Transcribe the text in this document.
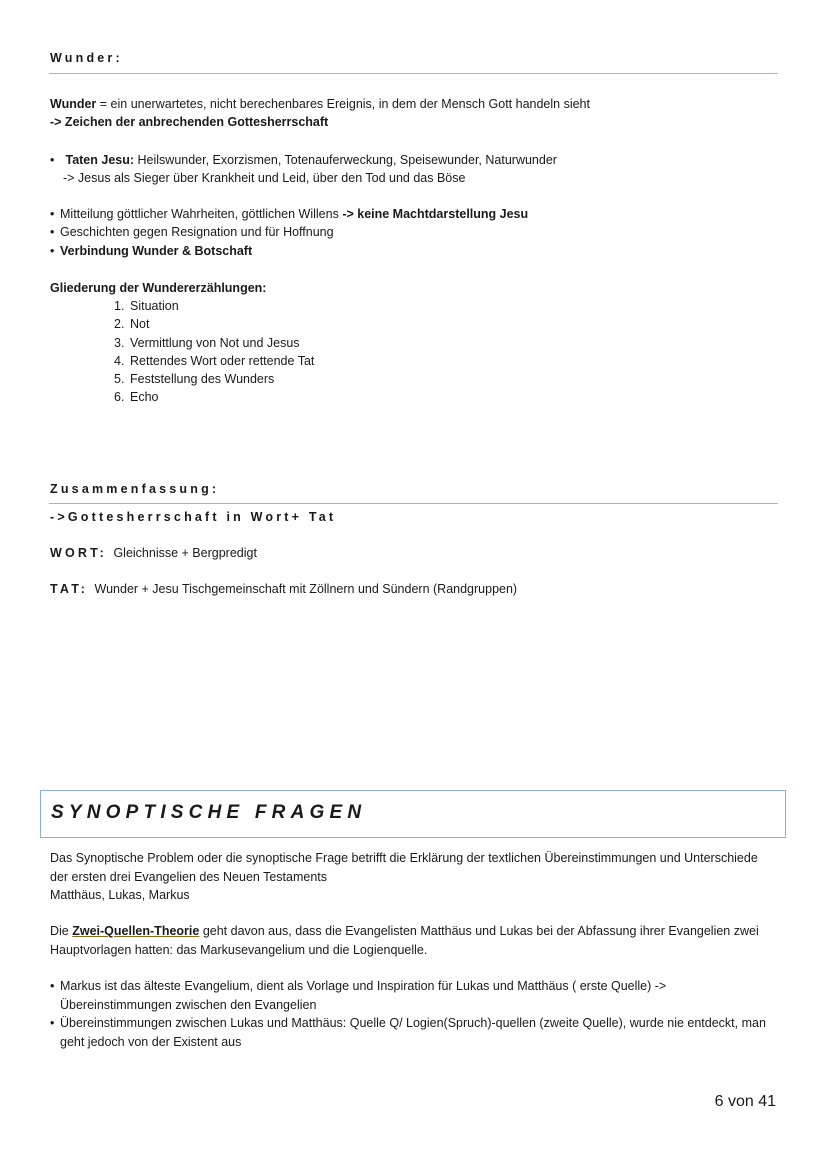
Wunder:
Wunder = ein unerwartetes, nicht berechenbares Ereignis, in dem der Mensch Gott handeln sieht
-> Zeichen der anbrechenden Gottesherrschaft
• Taten Jesu: Heilswunder, Exorzismen, Totenauferweckung, Speisewunder, Naturwunder
-> Jesus als Sieger über Krankheit und Leid, über den Tod und das Böse
• Mitteilung göttlicher Wahrheiten, göttlichen Willens -> keine Machtdarstellung Jesu
• Geschichten gegen Resignation und für Hoffnung
• Verbindung Wunder & Botschaft
Gliederung der Wundererzählungen:
1. Situation
2. Not
3. Vermittlung von Not und Jesus
4. Rettendes Wort oder rettende Tat
5. Feststellung des Wunders
6. Echo
Zusammenfassung:
->Gottesherrschaft in Wort+ Tat
WORT: Gleichnisse + Bergpredigt
TAT: Wunder + Jesu Tischgemeinschaft mit Zöllnern und Sündern (Randgruppen)
SYNOPTISCHE FRAGEN
Das Synoptische Problem oder die synoptische Frage betrifft die Erklärung der textlichen Übereinstimmungen und Unterschiede
der ersten drei Evangelien des Neuen Testaments
Matthäus, Lukas, Markus
Die Zwei-Quellen-Theorie geht davon aus, dass die Evangelisten Matthäus und Lukas bei der Abfassung ihrer Evangelien zwei
Hauptvorlagen hatten: das Markusevangelium und die Logienquelle.
• Markus ist das älteste Evangelium, dient als Vorlage und Inspiration für Lukas und Matthäus ( erste Quelle) ->
Übereinstimmungen zwischen den Evangelien
• Übereinstimmungen zwischen Lukas und Matthäus: Quelle Q/ Logien(Spruch)-quellen (zweite Quelle), wurde nie entdeckt, man
geht jedoch von der Existent aus
6 von 41
